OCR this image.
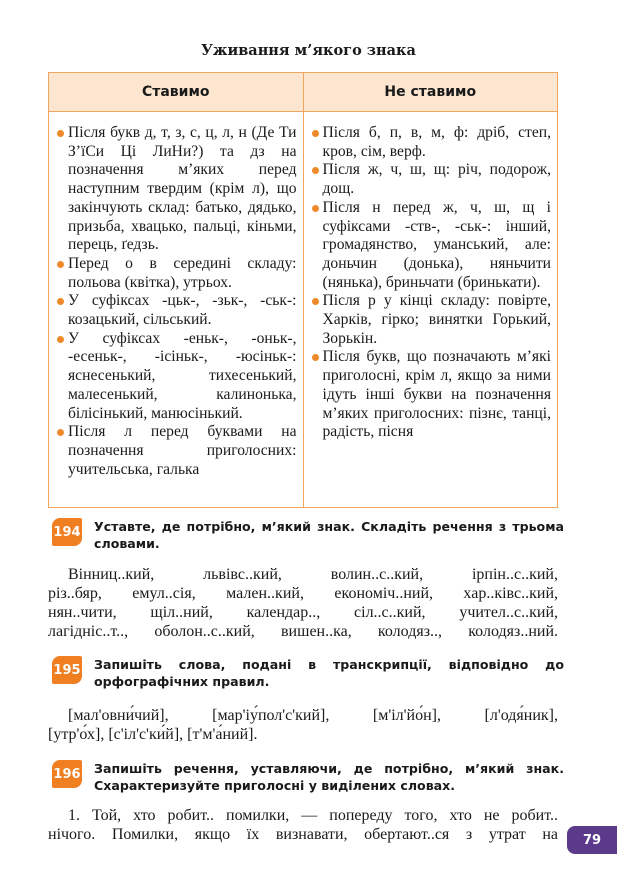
Уживання м’якого знака
Ставимо	Не ставимо
Після букв д, т, з, с, ц, л, н (Де Ти З’їСи Ці ЛиНи?) та дз на позначення м’яких перед наступним твердим (крім л), що закінчують склад: батько, дядько, призьба, хвацько, пальці, кіньми, перець, ґедзь.
Перед о в середині складу: польова (квітка), утрьох.
У суфіксах -цьк-, -зьк-, -ськ-: козацький, сільський.
У суфіксах -еньк-, -оньк-, -есеньк-, -ісіньк-, -юсіньк-: яснесенький, тихесенький, малесенький, калинонька, білісінький, манюсінький.
Після л перед буквами на позначення приголосних: учительська, галька
Після б, п, в, м, ф: дріб, степ, кров, сім, верф.
Після ж, ч, ш, щ: річ, подорож, дощ.
Після н перед ж, ч, ш, щ і суфіксами -ств-, -ськ-: інший, громадянство, уманський, але: доньчин (донька), няньчити (нянька), бриньчати (бринькати).
Після р у кінці складу: повірте, Харків, гірко; винятки Горький, Зорькін.
Після букв, що позначають м’які приголосні, крім л, якщо за ними ідуть інші букви на позначення м’яких приголосних: пізнє, танці, радість, пісня
194 Уставте, де потрібно, м’який знак. Складіть речення з трьома словами.

Вінниц..кий, львівс..кий, волин..с..кий, ірпін..с..кий,

різ..бяр, емул..сія, мален..кий, економіч..ний, хар..ківс..кий,

нян..чити, щіл..ний, календар.., сіл..с..кий, учител..с..кий,

лагідніс..т.., оболон..с..кий, вишен..ка, колодяз.., колодяз..ний.

195 Запишіть слова, подані в транскрипції, відповідно до орфографічних правил.

[мал'овни́чий], [мар'іу́пол'с'кий], [м'іл'йо́н], [л'одя́ник],

[утр'о́х], [с'іл'с'ки́й], [т'м'а́ний].

196 Запишіть речення, уставляючи, де потрібно, м’який знак. Схарактеризуйте приголосні у виділених словах.

1. Той, хто робит.. помилки, — попереду того, хто не робит..

нічого. Помилки, якщо їх визнавати, обертают..ся з утрат на	79
